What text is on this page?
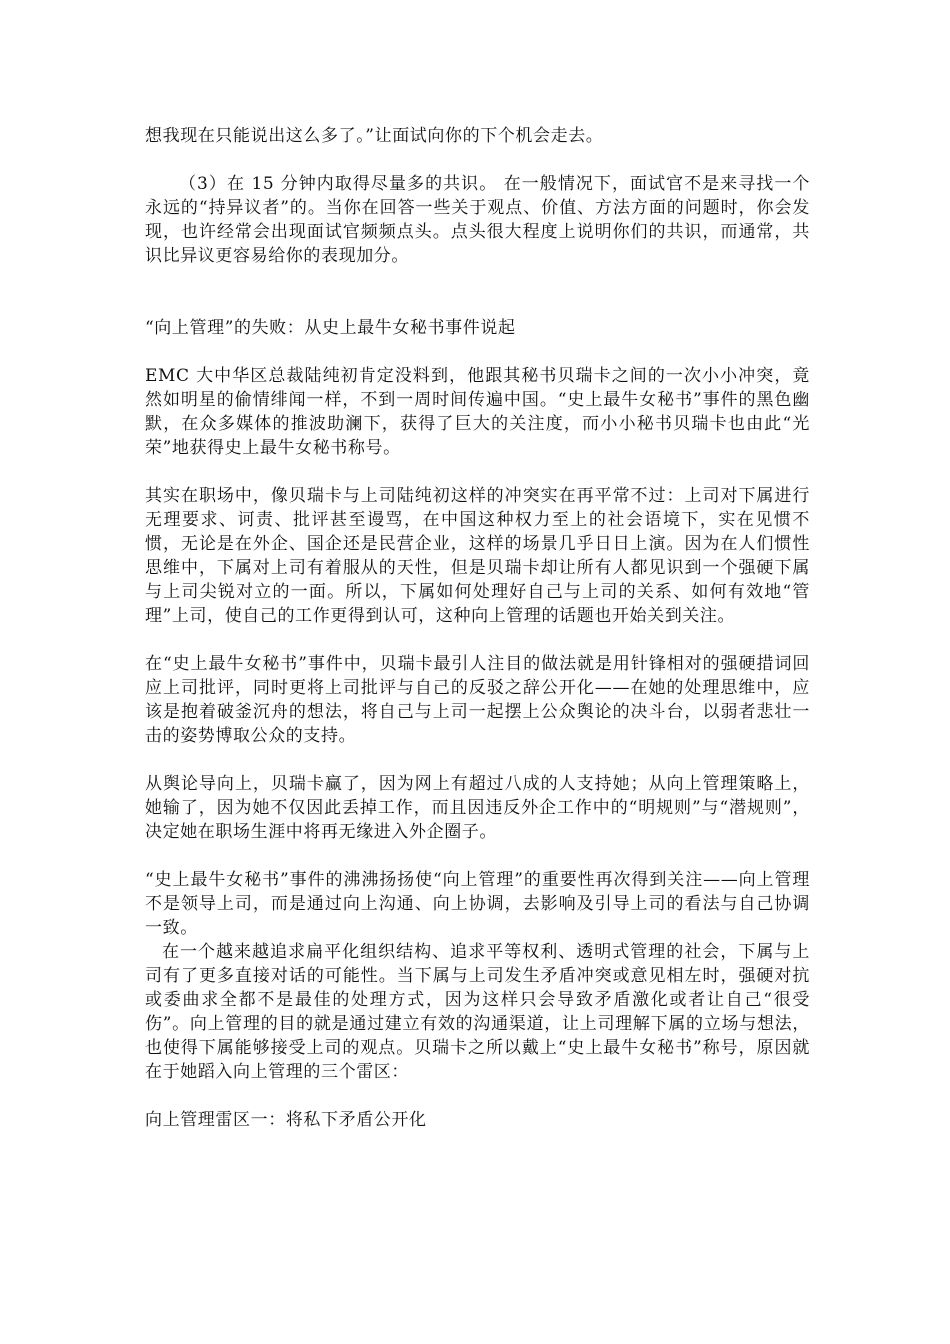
想我现在只能说出这么多了。”让面试向你的下个机会走去。

（3）在 15 分钟内取得尽量多的共识。 在一般情况下，面试官不是来寻找一个永远的“持异议者”的。当你在回答一些关于观点、价值、方法方面的问题时，你会发现，也许经常会出现面试官频频点头。点头很大程度上说明你们的共识，而通常，共识比异议更容易给你的表现加分。

“向上管理”的失败：从史上最牛女秘书事件说起

EMC 大中华区总裁陆纯初肯定没料到，他跟其秘书贝瑞卡之间的一次小小冲突，竟然如明星的偷情绯闻一样，不到一周时间传遍中国。“史上最牛女秘书”事件的黑色幽默，在众多媒体的推波助澜下，获得了巨大的关注度，而小小秘书贝瑞卡也由此“光荣”地获得史上最牛女秘书称号。

其实在职场中，像贝瑞卡与上司陆纯初这样的冲突实在再平常不过：上司对下属进行无理要求、诃责、批评甚至谩骂，在中国这种权力至上的社会语境下，实在见惯不惯，无论是在外企、国企还是民营企业，这样的场景几乎日日上演。因为在人们惯性思维中，下属对上司有着服从的天性，但是贝瑞卡却让所有人都见识到一个强硬下属与上司尖锐对立的一面。所以，下属如何处理好自己与上司的关系、如何有效地“管理”上司，使自己的工作更得到认可，这种向上管理的话题也开始关到关注。

在“史上最牛女秘书”事件中，贝瑞卡最引人注目的做法就是用针锋相对的强硬措词回应上司批评，同时更将上司批评与自己的反驳之辞公开化——在她的处理思维中，应该是抱着破釜沉舟的想法，将自己与上司一起摆上公众舆论的决斗台，以弱者悲壮一击的姿势博取公众的支持。

从舆论导向上，贝瑞卡赢了，因为网上有超过八成的人支持她；从向上管理策略上，她输了，因为她不仅因此丢掉工作，而且因违反外企工作中的“明规则”与“潜规则”，决定她在职场生涯中将再无缘进入外企圈子。

“史上最牛女秘书”事件的沸沸扬扬使“向上管理”的重要性再次得到关注——向上管理不是领导上司，而是通过向上沟通、向上协调，去影响及引导上司的看法与自己协调一致。

在一个越来越追求扁平化组织结构、追求平等权利、透明式管理的社会，下属与上司有了更多直接对话的可能性。当下属与上司发生矛盾冲突或意见相左时，强硬对抗或委曲求全都不是最佳的处理方式，因为这样只会导致矛盾激化或者让自己“很受伤”。向上管理的目的就是通过建立有效的沟通渠道，让上司理解下属的立场与想法，也使得下属能够接受上司的观点。贝瑞卡之所以戴上“史上最牛女秘书”称号，原因就在于她蹈入向上管理的三个雷区：

向上管理雷区一：将私下矛盾公开化
